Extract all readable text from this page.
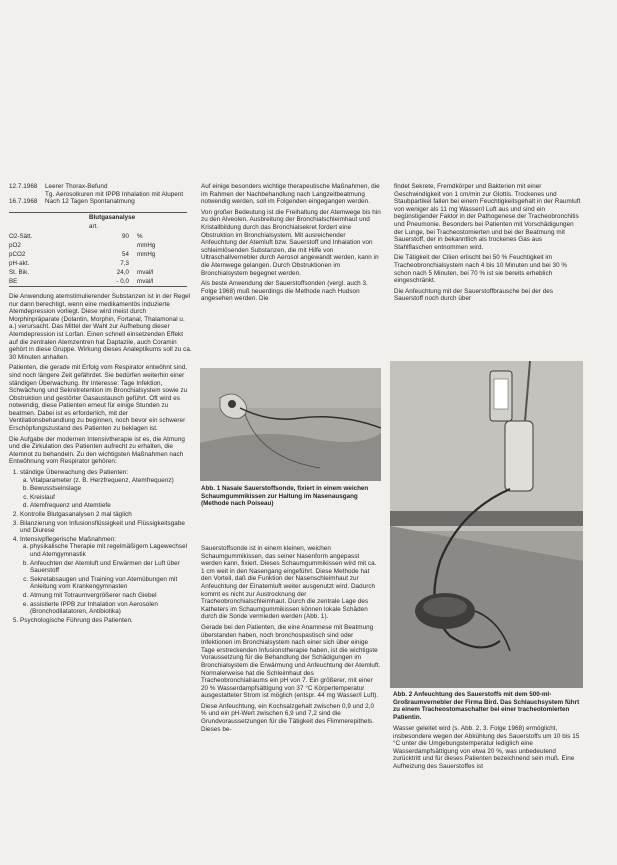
12.7.1968	Leerer Thorax-Befund
Tg. Aerosolkuren mit IPPB Inhalation mit Alupent
16.7.1968	Nach 12 Tagen Spontanatmung
	Blutgasanalyse	
	art.	
O2-Sätt.	90	%
pO2		mmHg
pCO2	54	mmHg
pH-akt.	7,3	
St. Bik.	24,0	mval/l
BE	- 0,0	mval/l

Die Anwendung atemstimulierender Substanzen ist in der Regel nur dann berechtigt, wenn eine medikamentös induzierte Atemdepression vorliegt. Diese wird meist durch Morphinpräparate (Dolantin, Morphin, Fortanal, Thalamonal u. a.) verursacht. Das Mittel der Wahl zur Aufhebung dieser Atemdepression ist Lorfan. Einen schnell einsetzenden Effekt auf die zentralen Atemzentren hat Daptazile, auch Coramin gehört in diese Gruppe. Wirkung dieses Analeptikums soll zu ca. 30 Minuten anhalten.

Patienten, die gerade mit Erfolg vom Respirator entwöhnt sind, sind noch längere Zeit gefährdet. Sie bedürfen weiterhin einer ständigen Überwachung. Ihr Interesse: Tage Infektion, Schwächung und Sekretretention im Bronchialsystem sowie zu Obstruktion und gestörter Gasaustausch geführt. Oft wird es notwendig, diese Patienten erneut für einige Stunden zu beatmen. Dabei ist es erforderlich, mit der Ventilationsbehandlung zu beginnen, noch bevor ein schwerer Erschöpfungszustand des Patienten zu beklagen ist.

Die Aufgabe der modernen Intensivtherapie ist es, die Atmung und die Zirkulation des Patienten aufrecht zu erhalten, die Atemnot zu behandeln. Zu den wichtigsten Maßnahmen nach Entwöhnung vom Respirator gehören:

1. ständige Überwachung des Patienten:
a. Vitalparameter (z. B. Herzfrequenz, Atemfrequenz)
b. Bewusstseinslage
c. Kreislauf
d. Atemfrequenz und Atemtiefe
2. Kontrolle Blutgasanalysen 2 mal täglich
3. Bilanzierung von Infusionsflüssigkeit und Flüssigkeitsgabe und Diurese
4. Intensivpflegerische Maßnahmen:
a. physikalische Therapie mit regelmäßigem Lagewechsel und Atemgymnastik
b. Anfeuchten der Atemluft und Erwärmen der Luft über Sauerstoff
c. Sekretabsaugen und Training von Atemübungen mit Anleitung vom Krankengymnasten
d. Atmung mit Totraumvergrößerer nach Giebel
e. assistierte IPPB zur Inhalation von Aerosolen (Bronchodilatatoren, Antibiotika)
5. Psychologische Führung des Patienten.

Auf einige besonders wichtige therapeutische Maßnahmen, die im Rahmen der Nachbehandlung nach Langzeitbeatmung notwendig werden, soll im Folgenden eingegangen werden.

Von großer Bedeutung ist die Freihaltung der Atemwege bis hin zu den Alveolen. Ausbreitung der Bronchialschleimhaut und Kristallbildung durch das Bronchialsekret fordert eine Obstruktion im Bronchialsystem. Mit ausreichender Anfeuchtung der Atemluft bzw. Sauerstoff und Inhalation von schleimlösenden Substanzen, die mit Hilfe von Ultraschallvernebler durch Aerosol angewandt werden, kann in die Atemwege gelangen. Durch Obstruktionen im Bronchialsystem begegnet werden.

Als beste Anwendung der Sauerstoffsonden (vergl. auch 3. Folge 1968) muß neuerdings die Methode nach Hudson angesehen werden. Die

Abb. 1 Nasale Sauerstoffsonde, fixiert in einem weichen Schaumgummikissen zur Haltung im Nasenausgang (Methode nach Poiseau)

Sauerstoffsonde ist in einem kleinen, weichen Schaumgummikissen, das seiner Nasenform angepasst werden kann, fixiert. Dieses Schaumgummikissen wird mit ca. 1 cm weit in den Nasengang eingeführt. Diese Methode hat den Vorteil, daß die Funktion der Nasenschleimhaut zur Anfeuchtung der Einatemluft weiter ausgenutzt wird. Dadurch kommt es nicht zur Austrocknung der Tracheobronchialschleimhaut. Durch die zentrale Lage des Katheters im Schaumgummikissen können lokale Schäden durch die Sonde vermieden werden (Abb. 1).

Gerade bei den Patienten, die eine Anamnese mit Beatmung überstanden haben, noch bronchospastisch sind oder Infektionen im Bronchialsystem nach einer sich über einige Tage erstreckenden Infusionstherapie haben, ist die wichtigste Voraussetzung für die Behandlung der Schädigungen im Bronchialsystem die Erwärmung und Anfeuchtung der Atemluft. Normalerweise hat die Schleimhaut des Tracheobronchialraums ein pH von 7. Ein größerer, mit einer 20 % Wasserdampfsättigung von 37 °C Körpertemperatur ausgestatteter Strom ist möglich (entspr. 44 mg Wasser/l Luft).

Diese Anfeuchtung, ein Kochsalzgehalt zwischen 0,9 und 2,0 % und ein pH-Wert zwischen 6,9 und 7,2 sind die Grundvoraussetzungen für die Tätigkeit des Flimmerepithels. Dieses be-

findet Sekrete, Fremdkörper und Bakterien mit einer Geschwindigkeit von 1 cm/min zur Glottis. Trockenes und Staubpartikel fallen bei einem Feuchtigkeitsgehalt in der Raumluft von weniger als 11 mg Wasser/l Luft aus und sind ein begünstigender Faktor in der Pathogenese der Tracheobronchitis und Pneumonie. Besonders bei Patienten mit Vorschädigungen der Lunge, bei Tracheostomierten und bei der Beatmung mit Sauerstoff, der in bekanntlich als trockenes Gas aus Stahlflaschen entnommen wird.

Die Tätigkeit der Cilien erlischt bei 50 % Feuchtigkeit im Tracheobronchialsystem nach 4 bis 10 Minuten und bei 30 % schon nach 5 Minuten, bei 70 % ist sie bereits erheblich eingeschränkt.

Die Anfeuchtung mit der Sauerstoffbrausche bei der des Sauerstoff noch durch über

Abb. 2 Anfeuchtung des Sauerstoffs mit dem 500-ml-Großraumvernebler der Firma Bird. Das Schlauchsystem führt zu einem Tracheostomaschalter bei einer tracheotomierten Patientin.

Wasser geleitet wird (s. Abb. 2, 3. Folge 1968) ermöglicht, insbesondere wegen der Abkühlung des Sauerstoffs um 10 bis 15 °C unter die Umgebungstemperatur lediglich eine Wasserdampfsättigung von etwa 20 %, was unbedeutend zurücktritt und für dieses Patienten bezeichnend sein muß. Eine Aufheizung des Sauerstoffes ist
